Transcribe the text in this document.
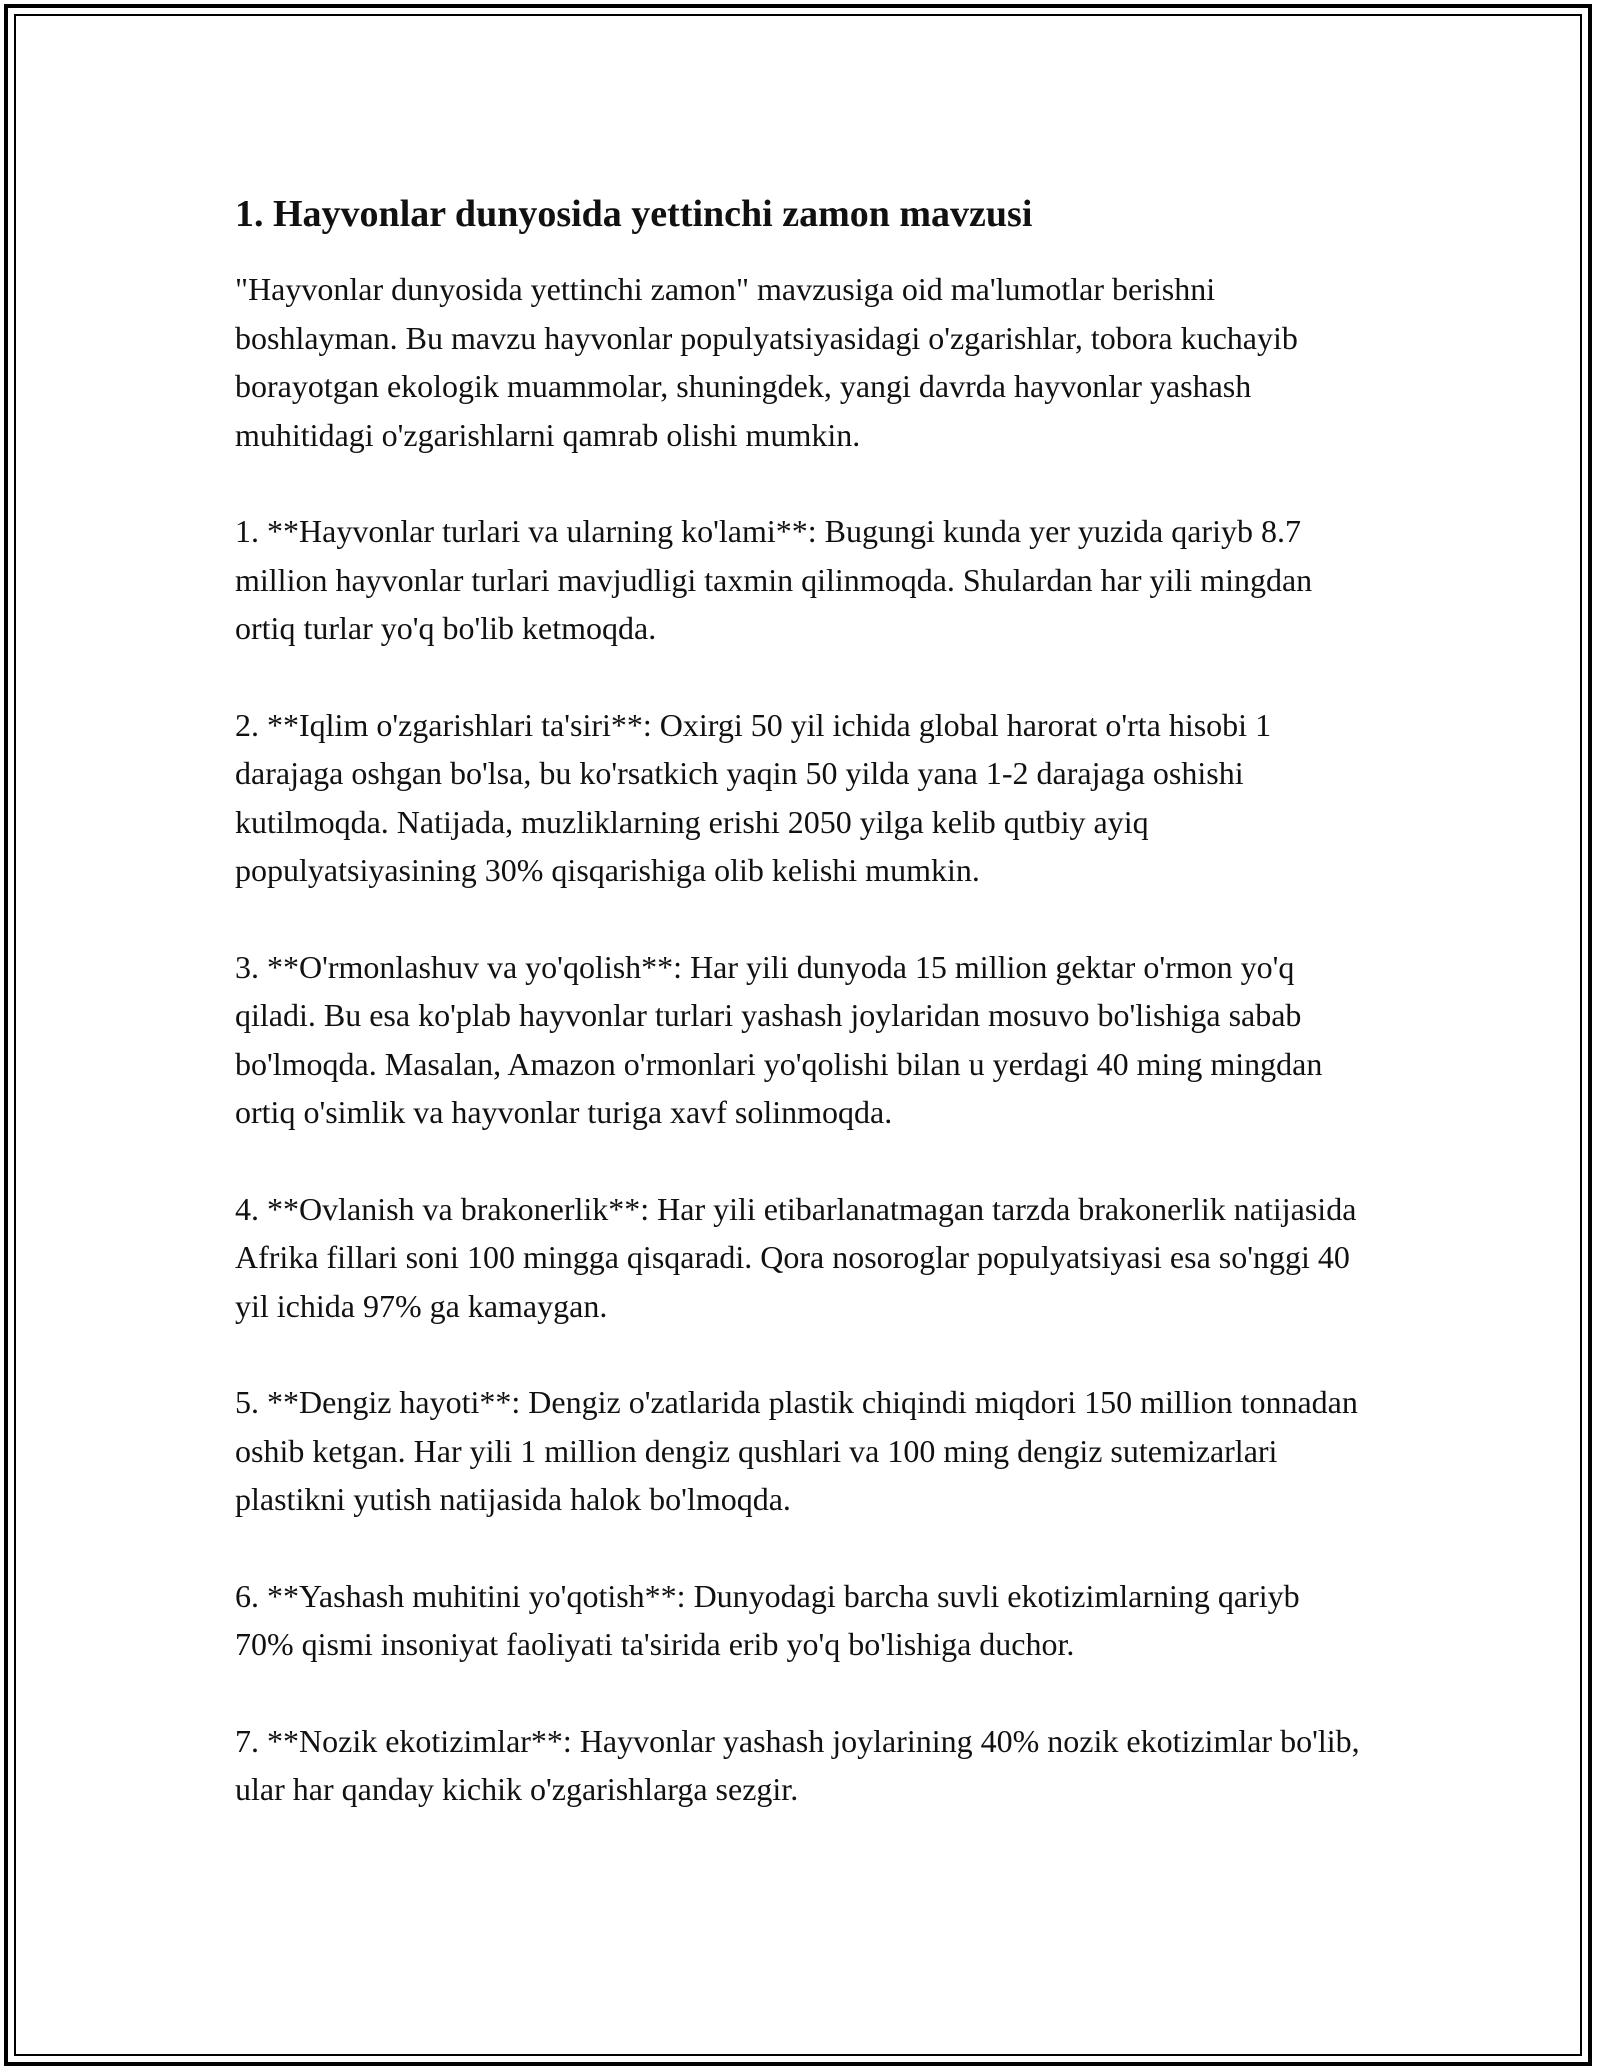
1. Hayvonlar dunyosida yettinchi zamon mavzusi

"Hayvonlar dunyosida yettinchi zamon" mavzusiga oid ma'lumotlar berishni boshlayman. Bu mavzu hayvonlar populyatsiyasidagi o'zgarishlar, tobora kuchayib borayotgan ekologik muammolar, shuningdek, yangi davrda hayvonlar yashash muhitidagi o'zgarishlarni qamrab olishi mumkin.

1. **Hayvonlar turlari va ularning ko'lami**: Bugungi kunda yer yuzida qariyb 8.7 million hayvonlar turlari mavjudligi taxmin qilinmoqda. Shulardan har yili mingdan ortiq turlar yo'q bo'lib ketmoqda.

2. **Iqlim o'zgarishlari ta'siri**: Oxirgi 50 yil ichida global harorat o'rta hisobi 1 darajaga oshgan bo'lsa, bu ko'rsatkich yaqin 50 yilda yana 1-2 darajaga oshishi kutilmoqda. Natijada, muzliklarning erishi 2050 yilga kelib qutbiy ayiq populyatsiyasining 30% qisqarishiga olib kelishi mumkin.

3. **O'rmonlashuv va yo'qolish**: Har yili dunyoda 15 million gektar o'rmon yo'q qiladi. Bu esa ko'plab hayvonlar turlari yashash joylaridan mosuvo bo'lishiga sabab bo'lmoqda. Masalan, Amazon o'rmonlari yo'qolishi bilan u yerdagi 40 ming mingdan ortiq o'simlik va hayvonlar turiga xavf solinmoqda.

4. **Ovlanish va brakonerlik**: Har yili etibarlanatmagan tarzda brakonerlik natijasida Afrika fillari soni 100 mingga qisqaradi. Qora nosoroglar populyatsiyasi esa so'nggi 40 yil ichida 97% ga kamaygan.

5. **Dengiz hayoti**: Dengiz o'zatlarida plastik chiqindi miqdori 150 million tonnadan oshib ketgan. Har yili 1 million dengiz qushlari va 100 ming dengiz sutemizarlari plastikni yutish natijasida halok bo'lmoqda.

6. **Yashash muhitini yo'qotish**: Dunyodagi barcha suvli ekotizimlarning qariyb 70% qismi insoniyat faoliyati ta'sirida erib yo'q bo'lishiga duchor.

7. **Nozik ekotizimlar**: Hayvonlar yashash joylarining 40% nozik ekotizimlar bo'lib, ular har qanday kichik o'zgarishlarga sezgir.
